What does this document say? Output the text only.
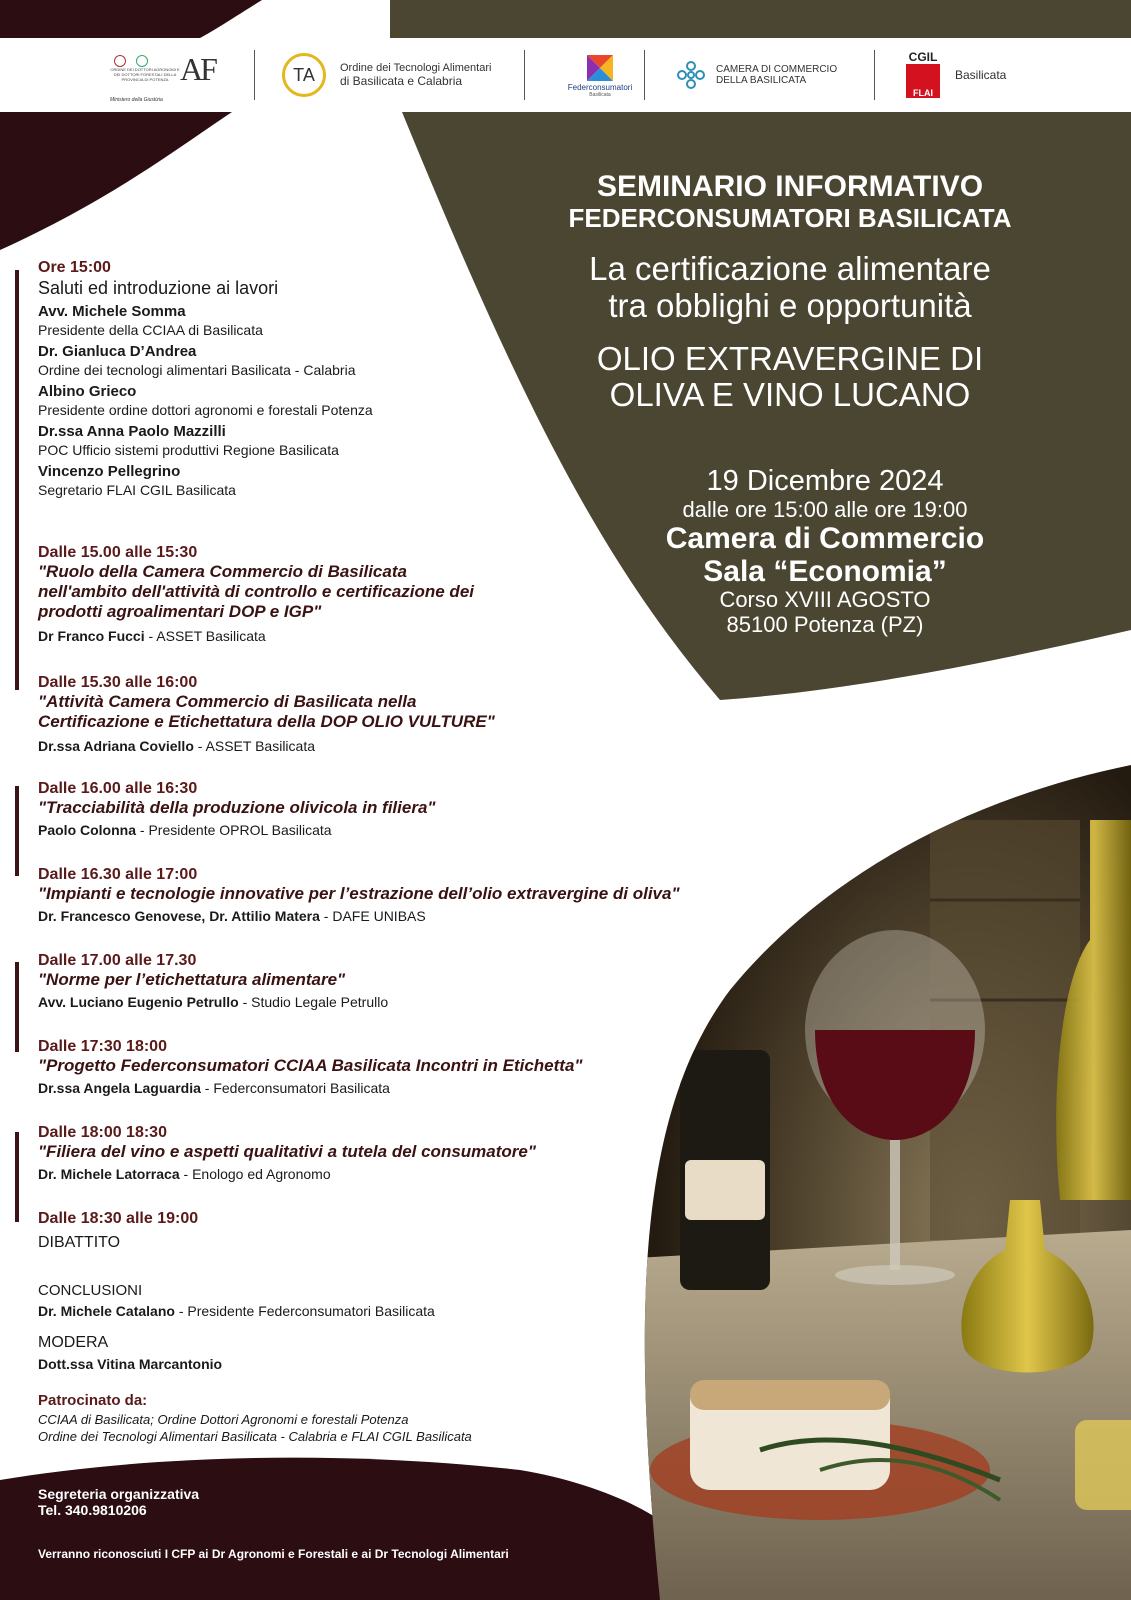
ORDINE DEI DOTTORI AGRONOMI E DEI DOTTORI FORESTALI DELLA PROVINCIA DI POTENZA AF
Ministero della Giustizia
TA Ordine dei Tecnologi Alimentari
di Basilicata e Calabria	Federconsumatori
Basilicata
CAMERA DI COMMERCIO
DELLA BASILICATA
CGIL
FLAI
Basilicata
SEMINARIO INFORMATIVO
FEDERCONSUMATORI BASILICATA
La certificazione alimentare
tra obblighi e opportunità
OLIO EXTRAVERGINE DI
OLIVA E VINO LUCANO
19 Dicembre 2024
dalle ore 15:00 alle ore 19:00
Camera di Commercio
Sala “Economia”
Corso XVIII AGOSTO
85100 Potenza (PZ)
Ore 15:00
Saluti ed introduzione ai lavori
Avv. Michele Somma
Presidente della CCIAA di Basilicata
Dr. Gianluca D’Andrea
Ordine dei tecnologi alimentari Basilicata - Calabria
Albino Grieco
Presidente ordine dottori agronomi e forestali Potenza
Dr.ssa Anna Paolo Mazzilli
POC Ufficio sistemi produttivi Regione Basilicata
Vincenzo Pellegrino
Segretario FLAI CGIL Basilicata
Dalle 15.00 alle 15:30
"Ruolo della Camera Commercio di Basilicata
nell'ambito dell'attività di controllo e certificazione dei
prodotti agroalimentari DOP e IGP"
Dr Franco Fucci - ASSET Basilicata
Dalle 15.30 alle 16:00
"Attività Camera Commercio di Basilicata nella
Certificazione e Etichettatura della DOP OLIO VULTURE"
Dr.ssa Adriana Coviello - ASSET Basilicata
Dalle 16.00 alle 16:30
"Tracciabilità della produzione olivicola in filiera"
Paolo Colonna - Presidente OPROL Basilicata
Dalle 16.30 alle 17:00
"Impianti e tecnologie innovative per l’estrazione dell’olio extravergine di oliva"
Dr. Francesco Genovese, Dr. Attilio Matera - DAFE UNIBAS
Dalle 17.00 alle 17.30
"Norme per l’etichettatura alimentare"
Avv. Luciano Eugenio Petrullo - Studio Legale Petrullo
Dalle 17:30 18:00
"Progetto Federconsumatori CCIAA Basilicata Incontri in Etichetta"
Dr.ssa Angela Laguardia - Federconsumatori Basilicata
Dalle 18:00 18:30
"Filiera del vino e aspetti qualitativi a tutela del consumatore"
Dr. Michele Latorraca - Enologo ed Agronomo
Dalle 18:30 alle 19:00
DIBATTITO
CONCLUSIONI
Dr. Michele Catalano - Presidente Federconsumatori Basilicata
MODERA
Dott.ssa Vitina Marcantonio
Patrocinato da:
CCIAA di Basilicata; Ordine Dottori Agronomi e forestali Potenza
Ordine dei Tecnologi Alimentari Basilicata - Calabria e FLAI CGIL Basilicata
Segreteria organizzativa
Tel. 340.9810206
Verranno riconosciuti I CFP ai Dr Agronomi e Forestali e ai Dr Tecnologi Alimentari
